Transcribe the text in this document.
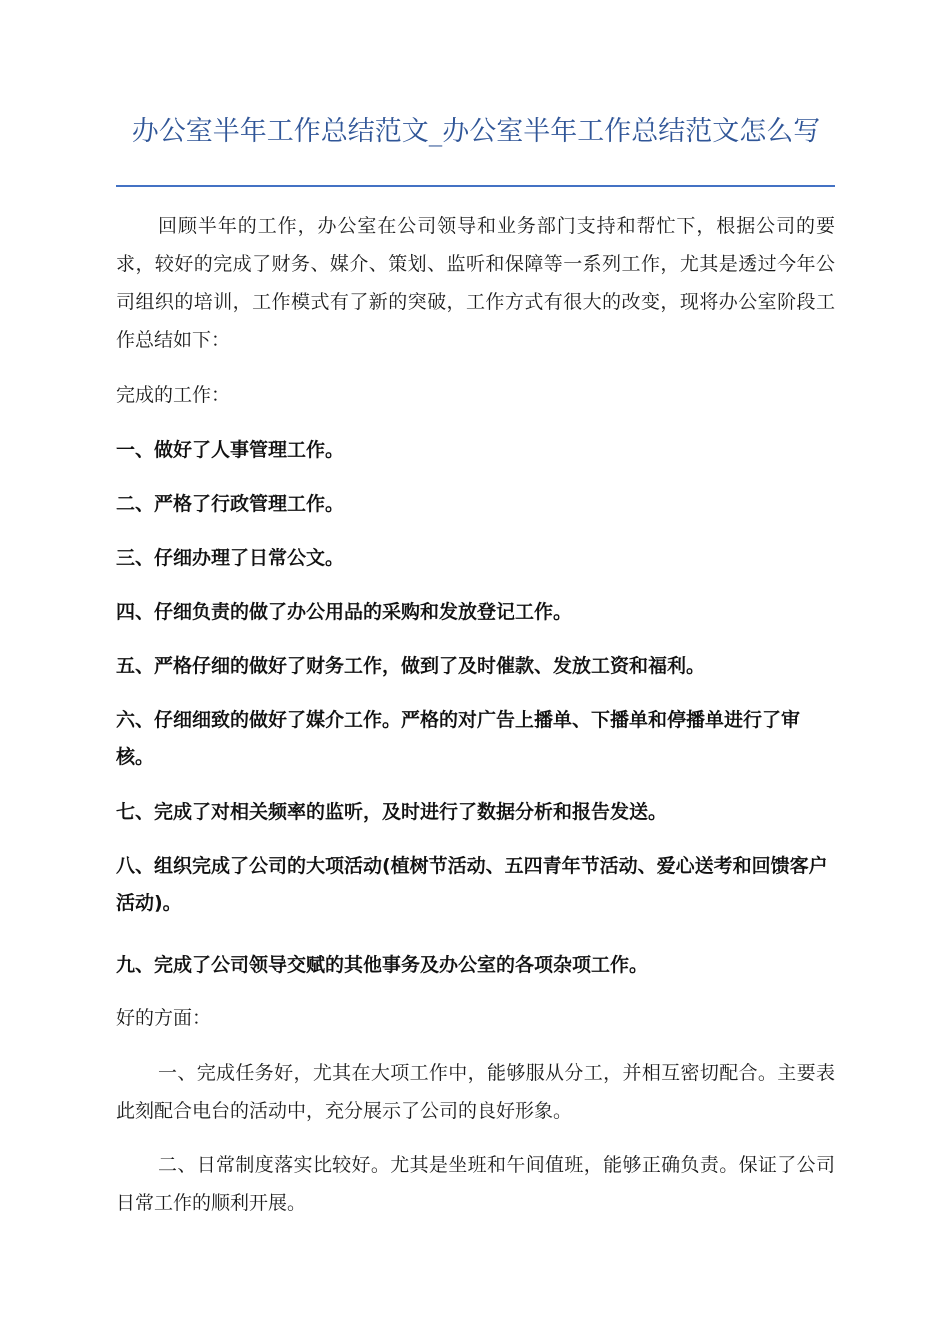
办公室半年工作总结范文_办公室半年工作总结范文怎么写
回顾半年的工作，办公室在公司领导和业务部门支持和帮忙下，根据公司的要求，较好的完成了财务、媒介、策划、监听和保障等一系列工作，尤其是透过今年公司组织的培训，工作模式有了新的突破，工作方式有很大的改变，现将办公室阶段工作总结如下：
完成的工作：
一、做好了人事管理工作。
二、严格了行政管理工作。
三、仔细办理了日常公文。
四、仔细负责的做了办公用品的采购和发放登记工作。
五、严格仔细的做好了财务工作，做到了及时催款、发放工资和福利。
六、仔细细致的做好了媒介工作。严格的对广告上播单、下播单和停播单进行了审核。
七、完成了对相关频率的监听，及时进行了数据分析和报告发送。
八、组织完成了公司的大项活动(植树节活动、五四青年节活动、爱心送考和回馈客户活动)。
九、完成了公司领导交赋的其他事务及办公室的各项杂项工作。
好的方面：
一、完成任务好，尤其在大项工作中，能够服从分工，并相互密切配合。主要表此刻配合电台的活动中，充分展示了公司的良好形象。
二、日常制度落实比较好。尤其是坐班和午间值班，能够正确负责。保证了公司日常工作的顺利开展。
